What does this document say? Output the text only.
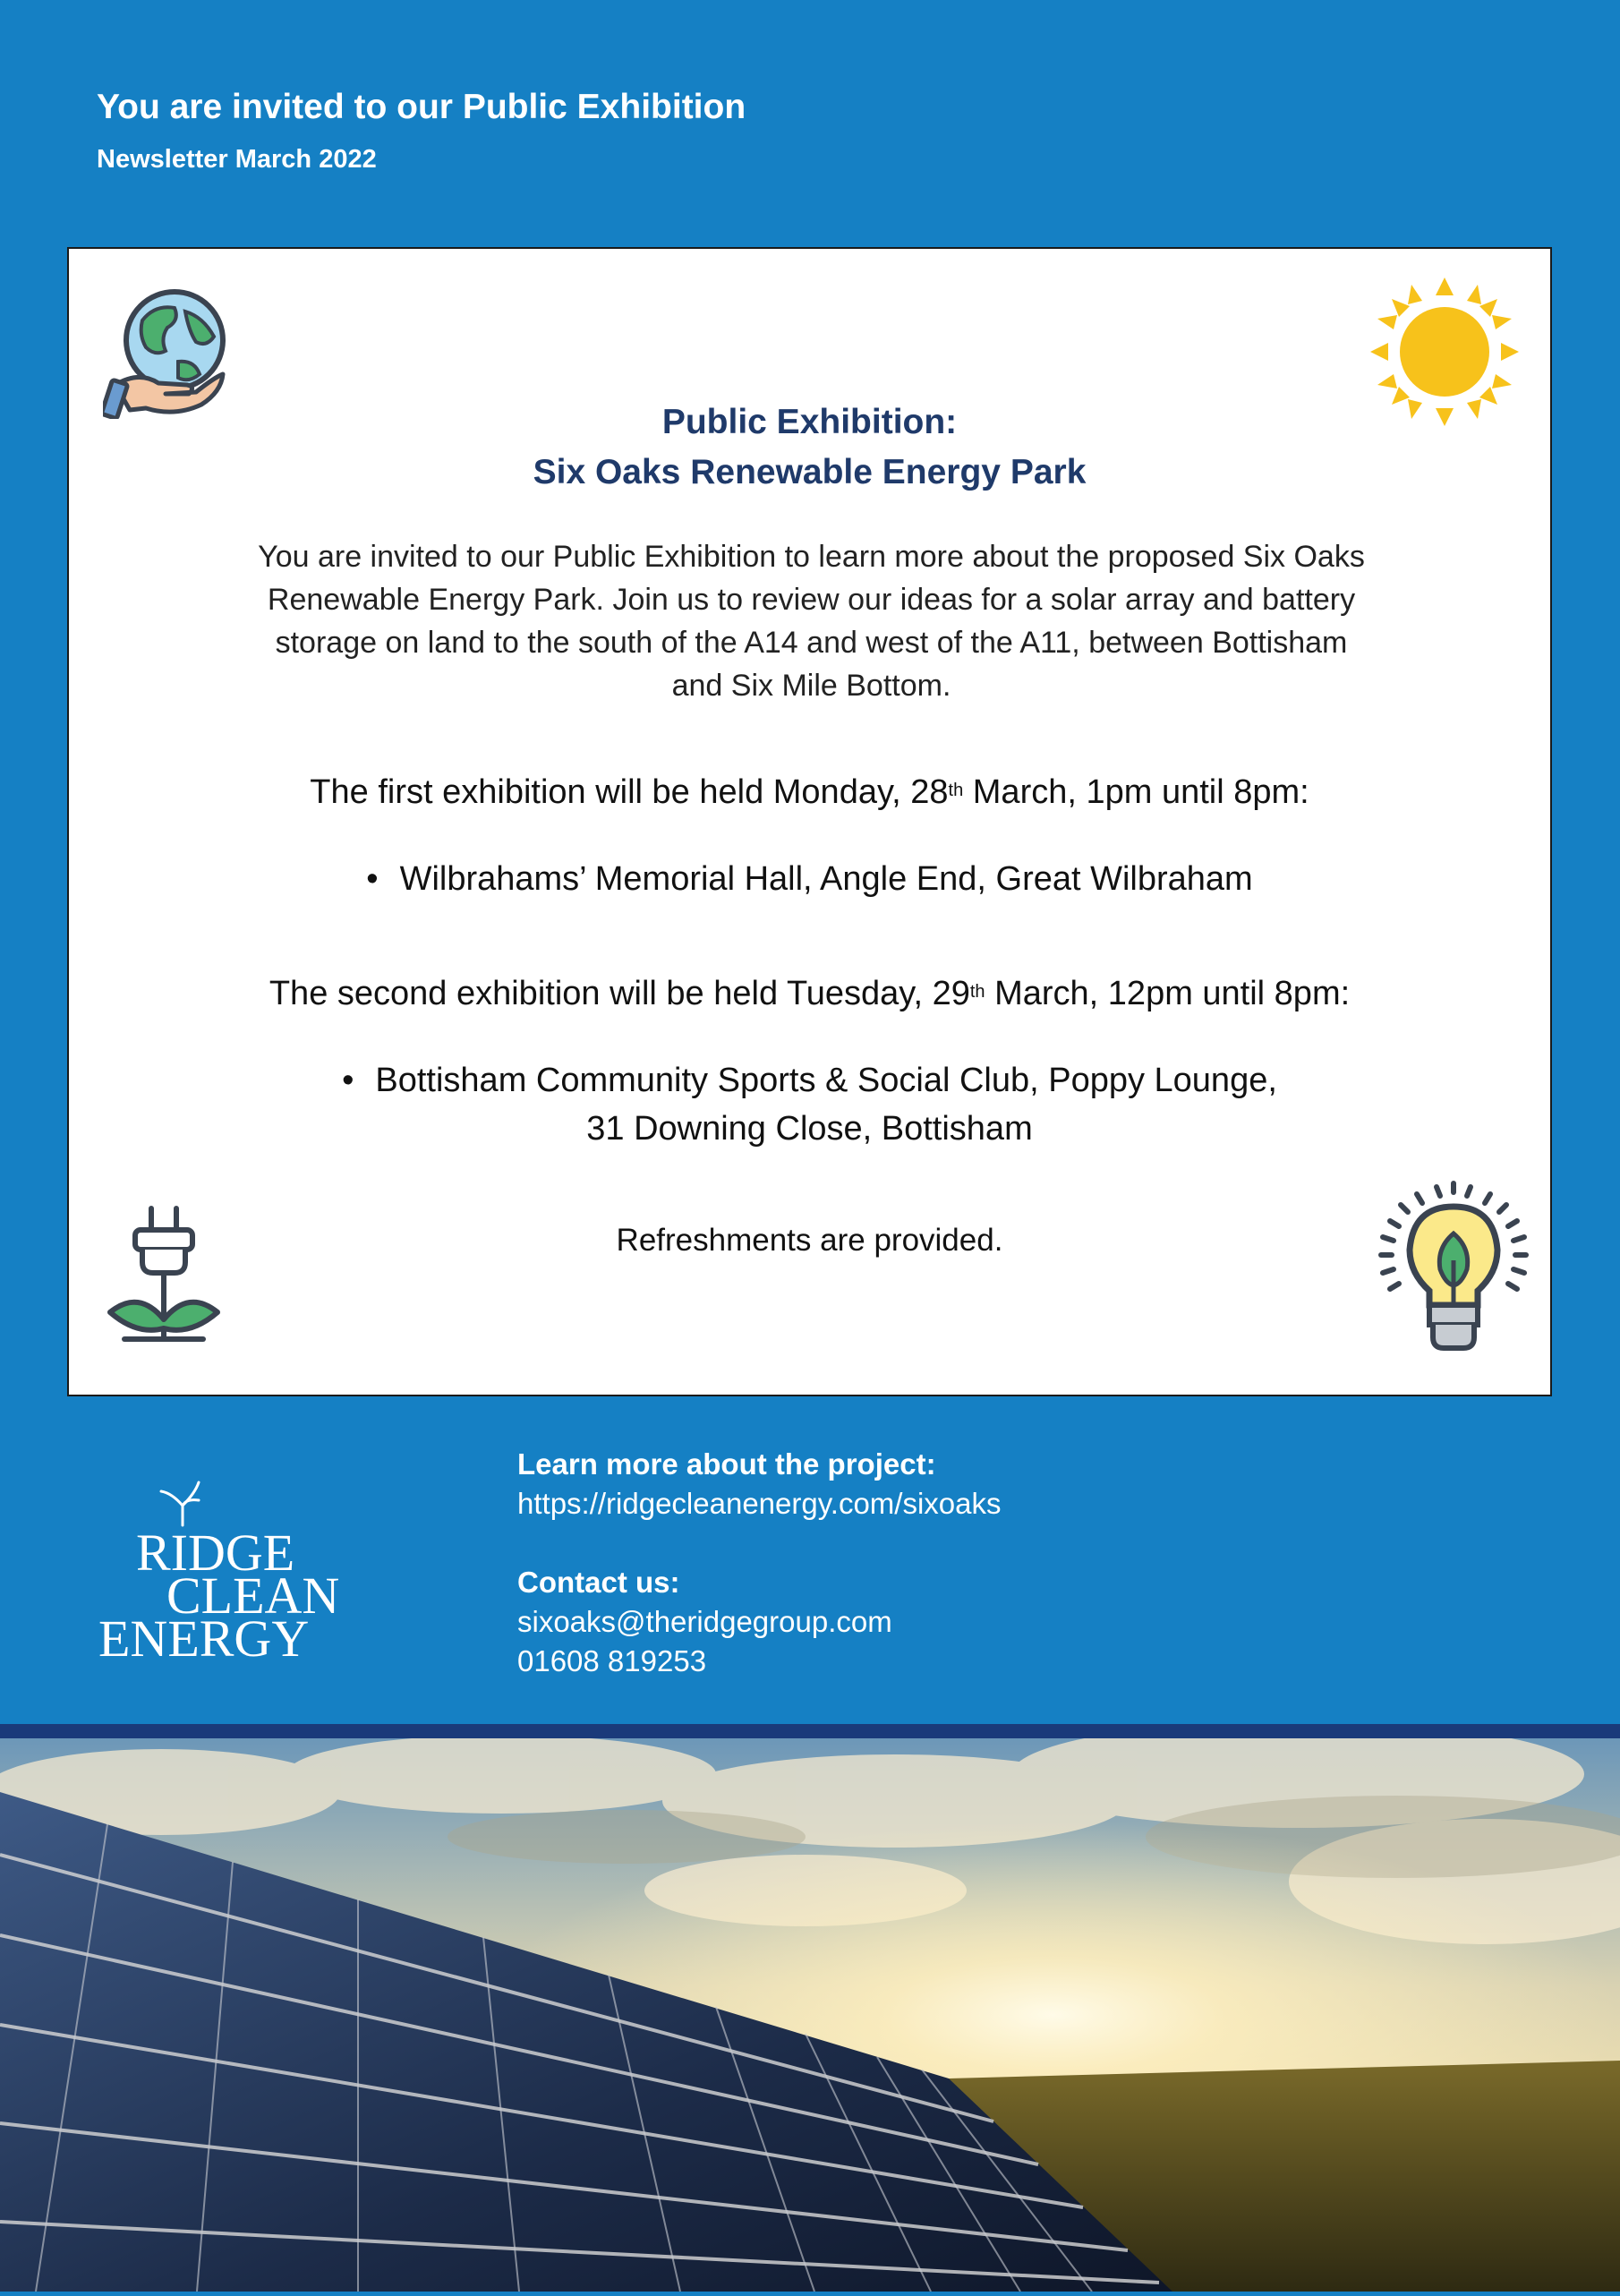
You are invited to our Public Exhibition

Newsletter March 2022

Public Exhibition:
Six Oaks Renewable Energy Park
You are invited to our Public Exhibition to learn more about the proposed Six Oaks Renewable Energy Park. Join us to review our ideas for a solar array and battery storage on land to the south of the A14 and west of the A11, between Bottisham and Six Mile Bottom.
The first exhibition will be held Monday, 28th March, 1pm until 8pm:
• Wilbrahams’ Memorial Hall, Angle End, Great Wilbraham
The second exhibition will be held Tuesday, 29th March, 12pm until 8pm:
• Bottisham Community Sports & Social Club, Poppy Lounge,
31 Downing Close, Bottisham
Refreshments are provided.
RIDGE
CLEAN
ENERGY
Learn more about the project:
https://ridgecleanenergy.com/sixoaks
Contact us:
sixoaks@theridgegroup.com
01608 819253
